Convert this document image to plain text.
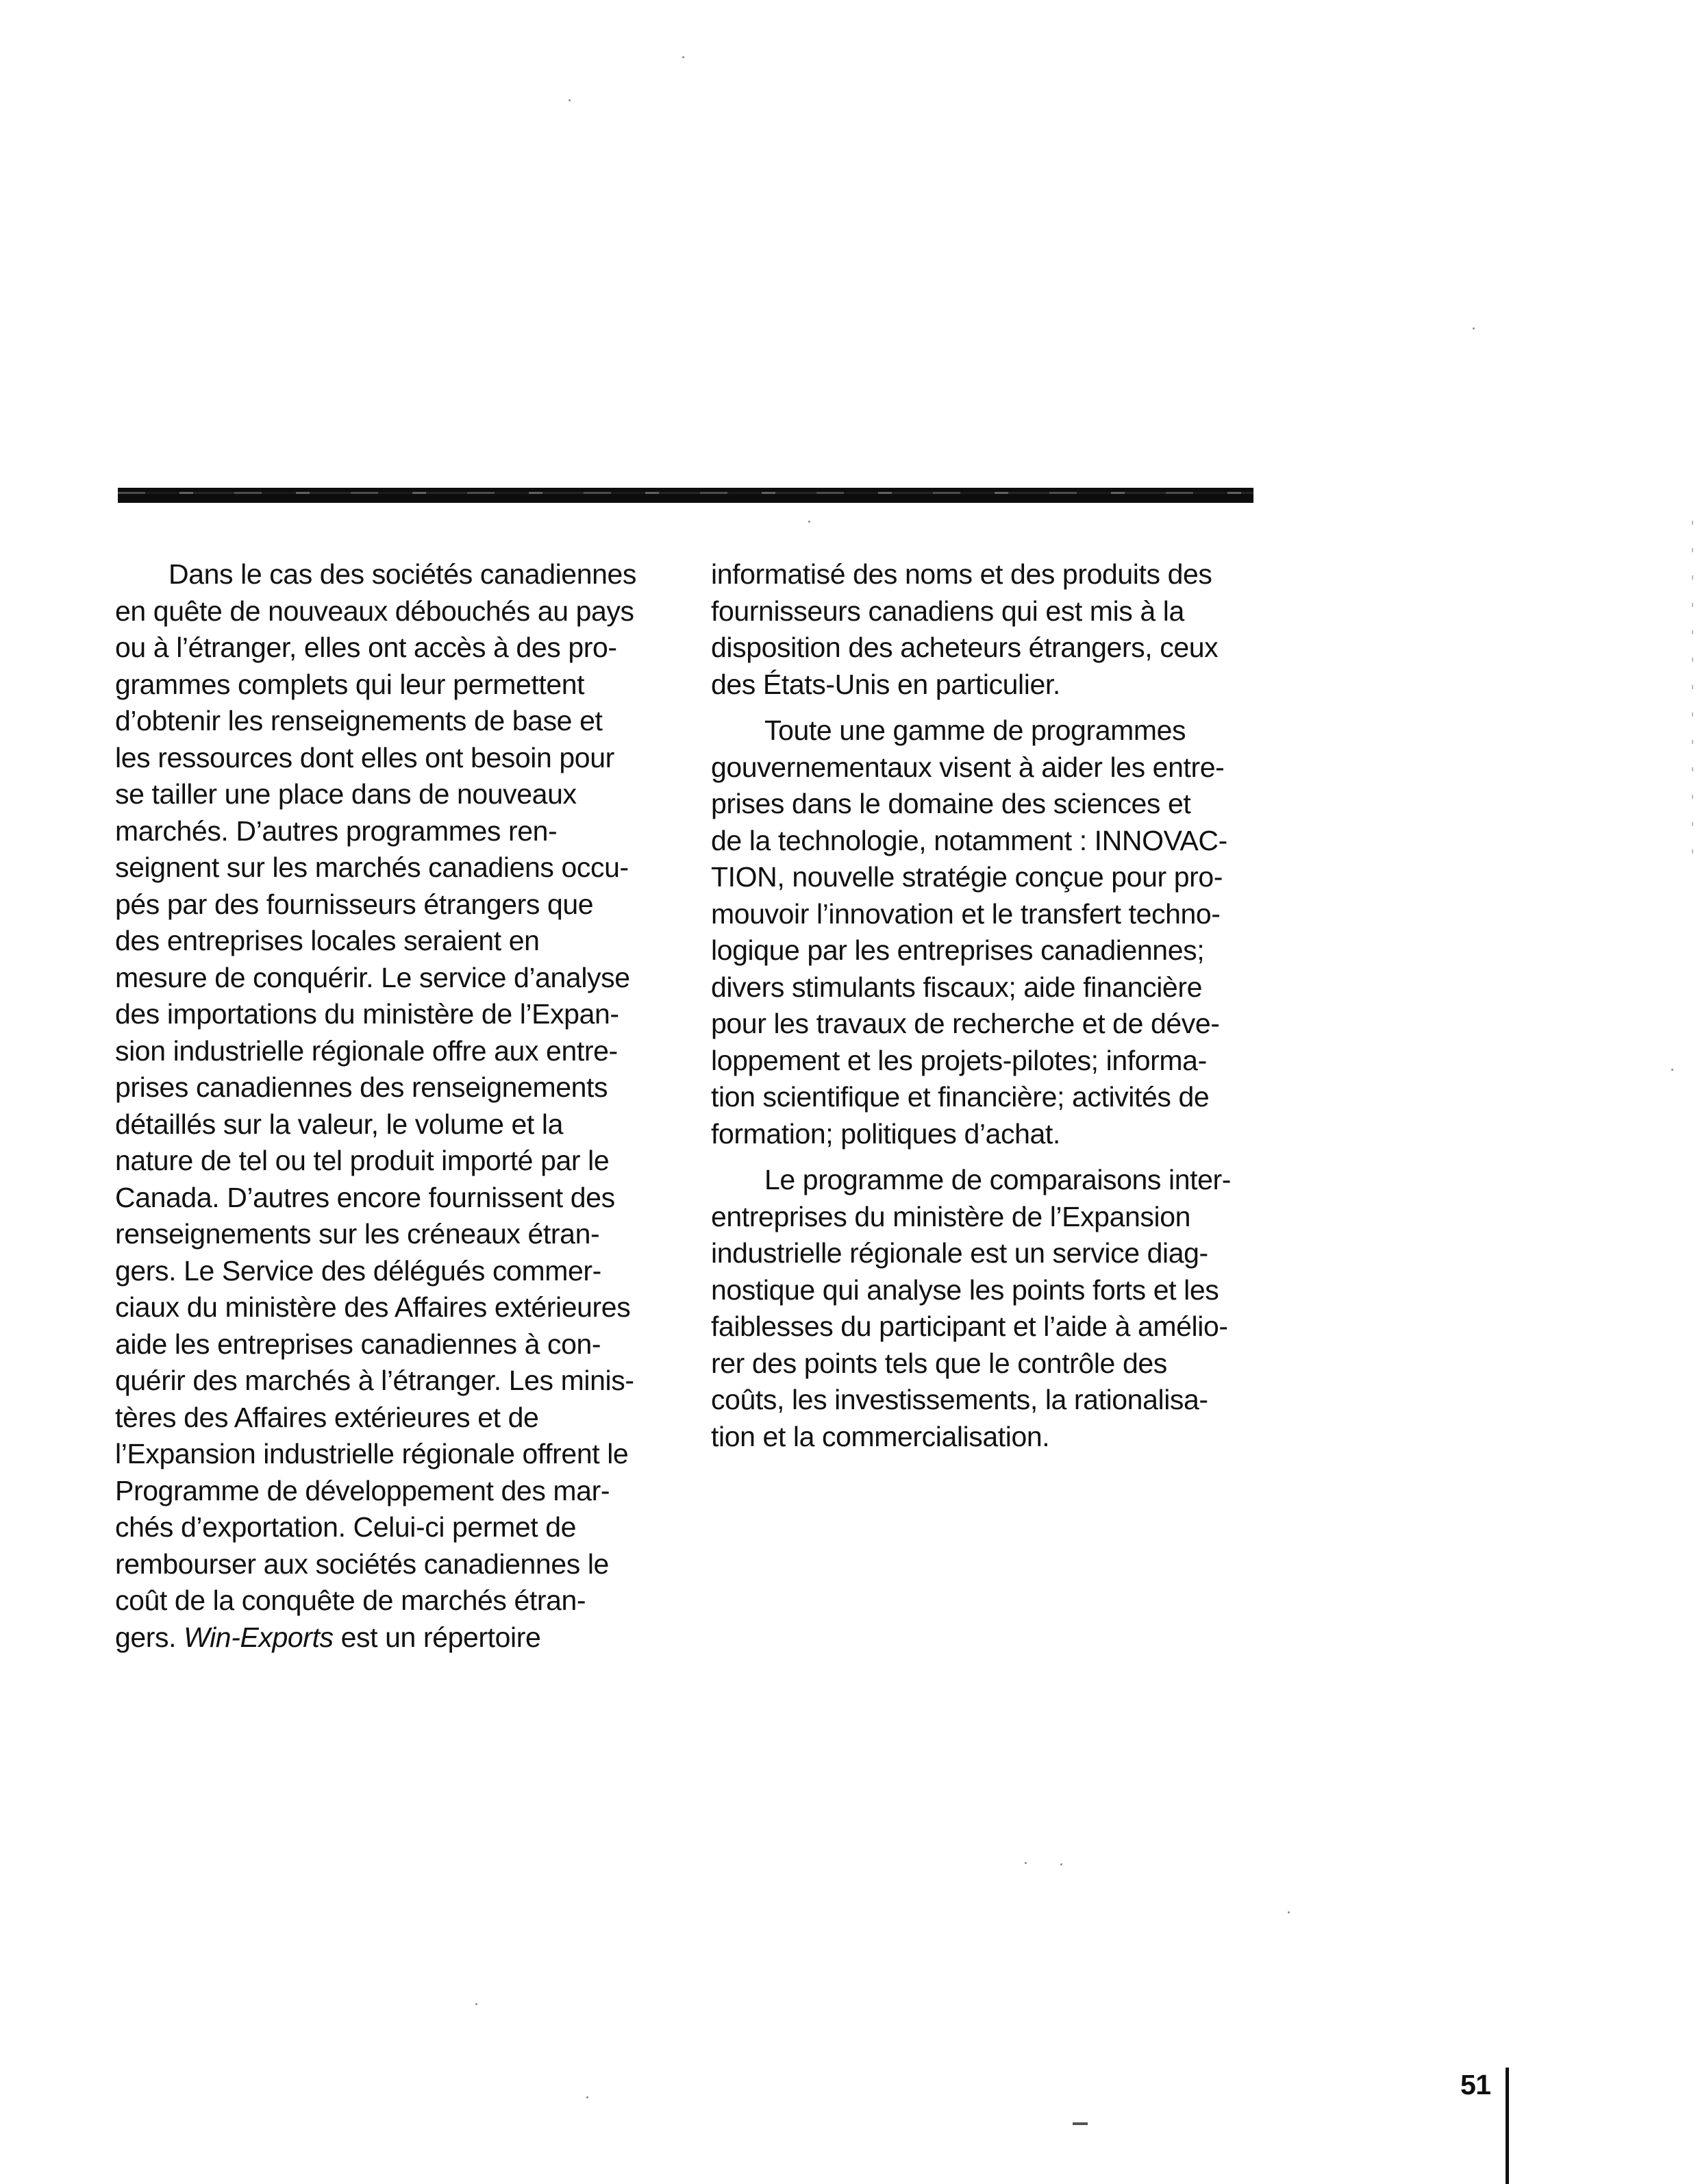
Dans le cas des sociétés canadiennes
en quête de nouveaux débouchés au pays
ou à l’étranger, elles ont accès à des pro-
grammes complets qui leur permettent
d’obtenir les renseignements de base et
les ressources dont elles ont besoin pour
se tailler une place dans de nouveaux
marchés. D’autres programmes ren-
seignent sur les marchés canadiens occu-
pés par des fournisseurs étrangers que
des entreprises locales seraient en
mesure de conquérir. Le service d’analyse
des importations du ministère de l’Expan-
sion industrielle régionale offre aux entre-
prises canadiennes des renseignements
détaillés sur la valeur, le volume et la
nature de tel ou tel produit importé par le
Canada. D’autres encore fournissent des
renseignements sur les créneaux étran-
gers. Le Service des délégués commer-
ciaux du ministère des Affaires extérieures
aide les entreprises canadiennes à con-
quérir des marchés à l’étranger. Les minis-
tères des Affaires extérieures et de
l’Expansion industrielle régionale offrent le
Programme de développement des mar-
chés d’exportation. Celui-ci permet de
rembourser aux sociétés canadiennes le
coût de la conquête de marchés étran-
gers. Win-Exports est un répertoire
informatisé des noms et des produits des
fournisseurs canadiens qui est mis à la
disposition des acheteurs étrangers, ceux
des États-Unis en particulier.
Toute une gamme de programmes
gouvernementaux visent à aider les entre-
prises dans le domaine des sciences et
de la technologie, notamment : INNOVAC-
TION, nouvelle stratégie conçue pour pro-
mouvoir l’innovation et le transfert techno-
logique par les entreprises canadiennes;
divers stimulants fiscaux; aide financière
pour les travaux de recherche et de déve-
loppement et les projets-pilotes; informa-
tion scientifique et financière; activités de
formation; politiques d’achat.
Le programme de comparaisons inter-
entreprises du ministère de l’Expansion
industrielle régionale est un service diag-
nostique qui analyse les points forts et les
faiblesses du participant et l’aide à amélio-
rer des points tels que le contrôle des
coûts, les investissements, la rationalisa-
tion et la commercialisation.
51
